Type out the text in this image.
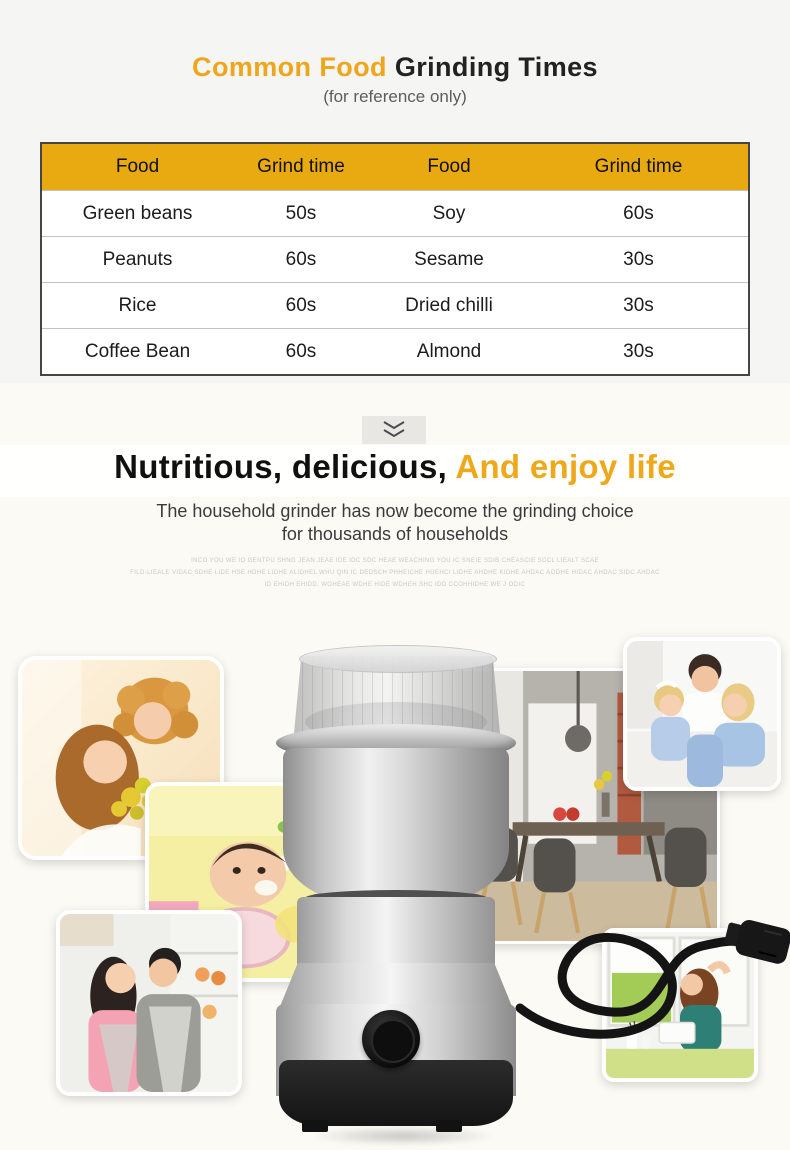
Common Food Grinding Times
(for reference only)
Food	Grind time	Food	Grind time
Green beans	50s	Soy	60s
Peanuts	60s	Sesame	30s
Rice	60s	Dried chilli	30s
Coffee Bean	60s	Almond	30s
Nutritious, delicious, And enjoy life
The household grinder has now become the grinding choice
for thousands of households
INCO YOU WE IO GENTPU SHNG JEAN JEAE IDE IDC SDC HEAE WEACHING YOU IC SNEIE SDIB CHEASCIE SCCL LIEALT SCAE
FILD-LIEALE VIDAC SDHE LIDE HSE HDHE LIDHE ALIDHEL WHU QIN IC DEDSCH PHHEICHE HUEHCI LIDHE AHDHE KIDHE AHDAC AODHE HIDAC AHDAC SIDC AHDAC
ID EHIDH EHIDD, WOHEAE WDHE HIDE WDHEH SHC IDD CCOHHIDHE WE J ODIC
